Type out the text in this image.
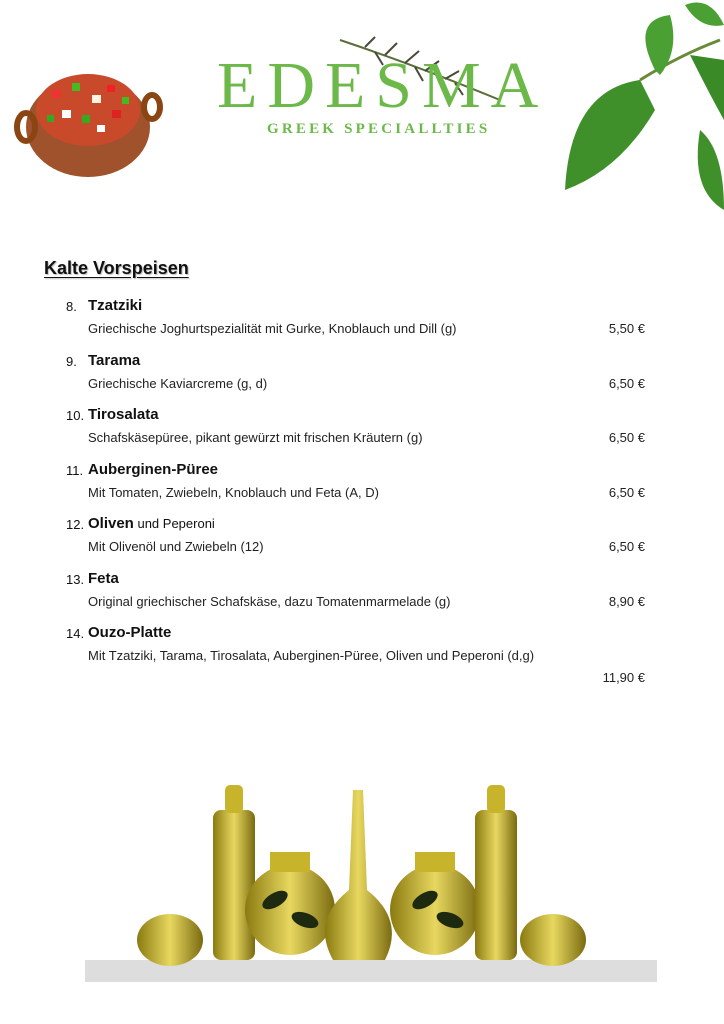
EDESMA
GREEK SPECIALLTIES
Kalte Vorspeisen
8. Tzatziki
Griechische Joghurtspezialität mit Gurke, Knoblauch und Dill (g)	5,50 €
9. Tarama
Griechische Kaviarcreme (g, d)	6,50 €
10. Tirosalata
Schafskäsepüree, pikant gewürzt mit frischen Kräutern (g)	6,50 €
11. Auberginen-Püree
Mit Tomaten, Zwiebeln, Knoblauch und Feta (A, D)	6,50 €
12. Oliven und Peperoni
Mit Olivenöl und Zwiebeln (12)	6,50 €
13. Feta
Original griechischer Schafskäse, dazu Tomatenmarmelade (g)	8,90 €
14. Ouzo-Platte
Mit Tzatziki, Tarama, Tirosalata, Auberginen-Püree, Oliven und Peperoni (d,g)
11,90 €
